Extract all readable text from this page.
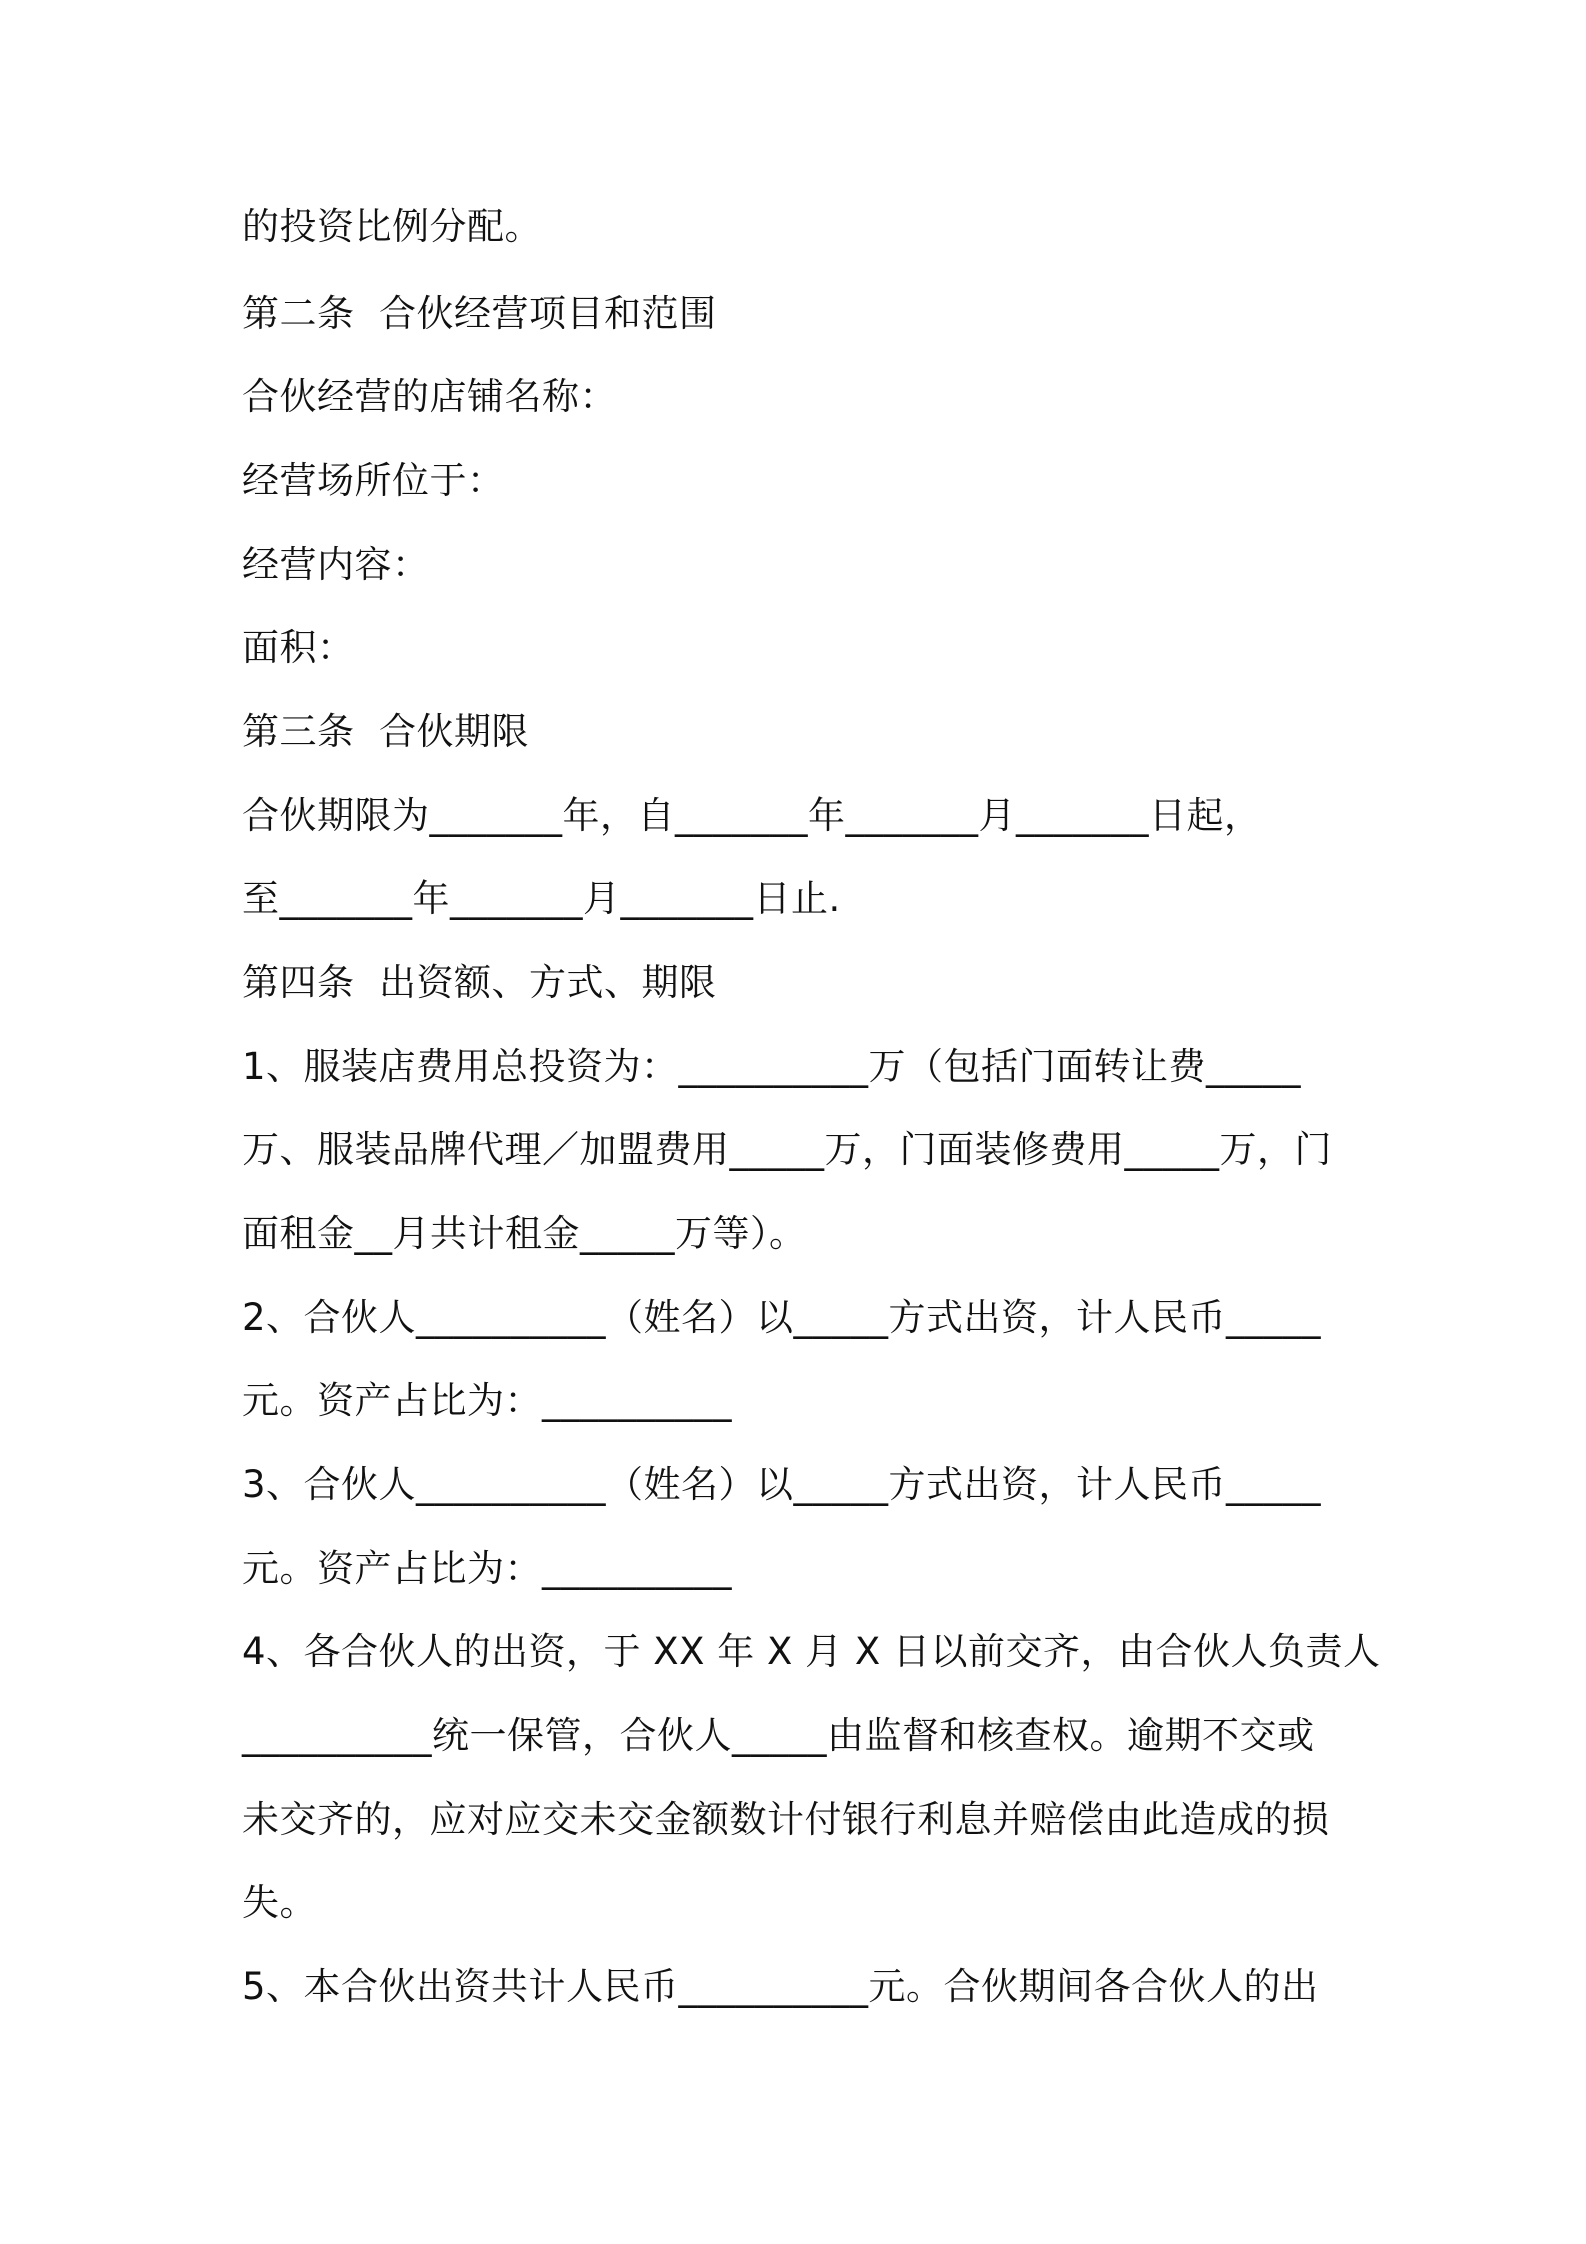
的投资比例分配。

第二条  合伙经营项目和范围

合伙经营的店铺名称：

经营场所位于：

经营内容：

面积：

第三条  合伙期限

合伙期限为_______年，自_______年_______月_______日起，

至_______年_______月_______日止.

第四条  出资额、方式、期限

1、服装店费用总投资为：__________万（包括门面转让费_____

万、服装品牌代理／加盟费用_____万，门面装修费用_____万，门

面租金__月共计租金_____万等）。

2、合伙人__________（姓名）以_____方式出资，计人民币_____

元。资产占比为：__________

3、合伙人__________（姓名）以_____方式出资，计人民币_____

元。资产占比为：__________

4、各合伙人的出资，于 XX 年 X 月 X 日以前交齐，由合伙人负责人

__________统一保管，合伙人_____由监督和核查权。逾期不交或

未交齐的，应对应交未交金额数计付银行利息并赔偿由此造成的损

失。

5、本合伙出资共计人民币__________元。合伙期间各合伙人的出
